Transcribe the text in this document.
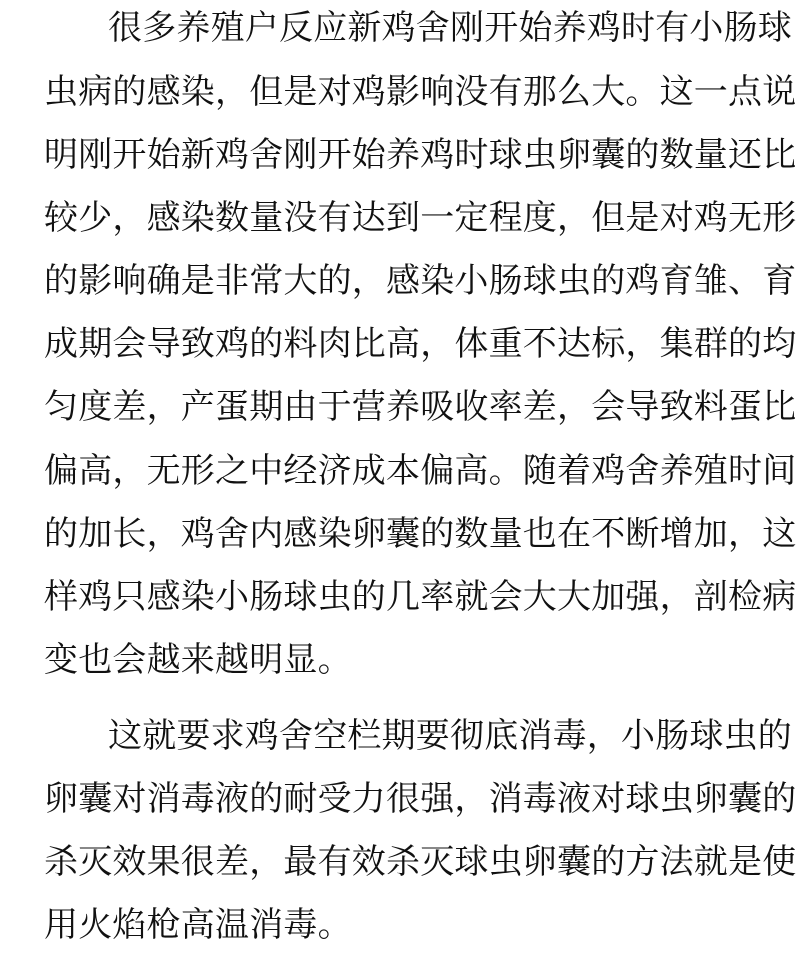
很多养殖户反应新鸡舍刚开始养鸡时有小肠球

虫病的感染，但是对鸡影响没有那么大。这一点说

明刚开始新鸡舍刚开始养鸡时球虫卵囊的数量还比

较少，感染数量没有达到一定程度，但是对鸡无形

的影响确是非常大的，感染小肠球虫的鸡育雏、育

成期会导致鸡的料肉比高，体重不达标，集群的均

匀度差，产蛋期由于营养吸收率差，会导致料蛋比

偏高，无形之中经济成本偏高。随着鸡舍养殖时间

的加长，鸡舍内感染卵囊的数量也在不断增加，这

样鸡只感染小肠球虫的几率就会大大加强，剖检病

变也会越来越明显。

这就要求鸡舍空栏期要彻底消毒，小肠球虫的

卵囊对消毒液的耐受力很强，消毒液对球虫卵囊的

杀灭效果很差，最有效杀灭球虫卵囊的方法就是使

用火焰枪高温消毒。
